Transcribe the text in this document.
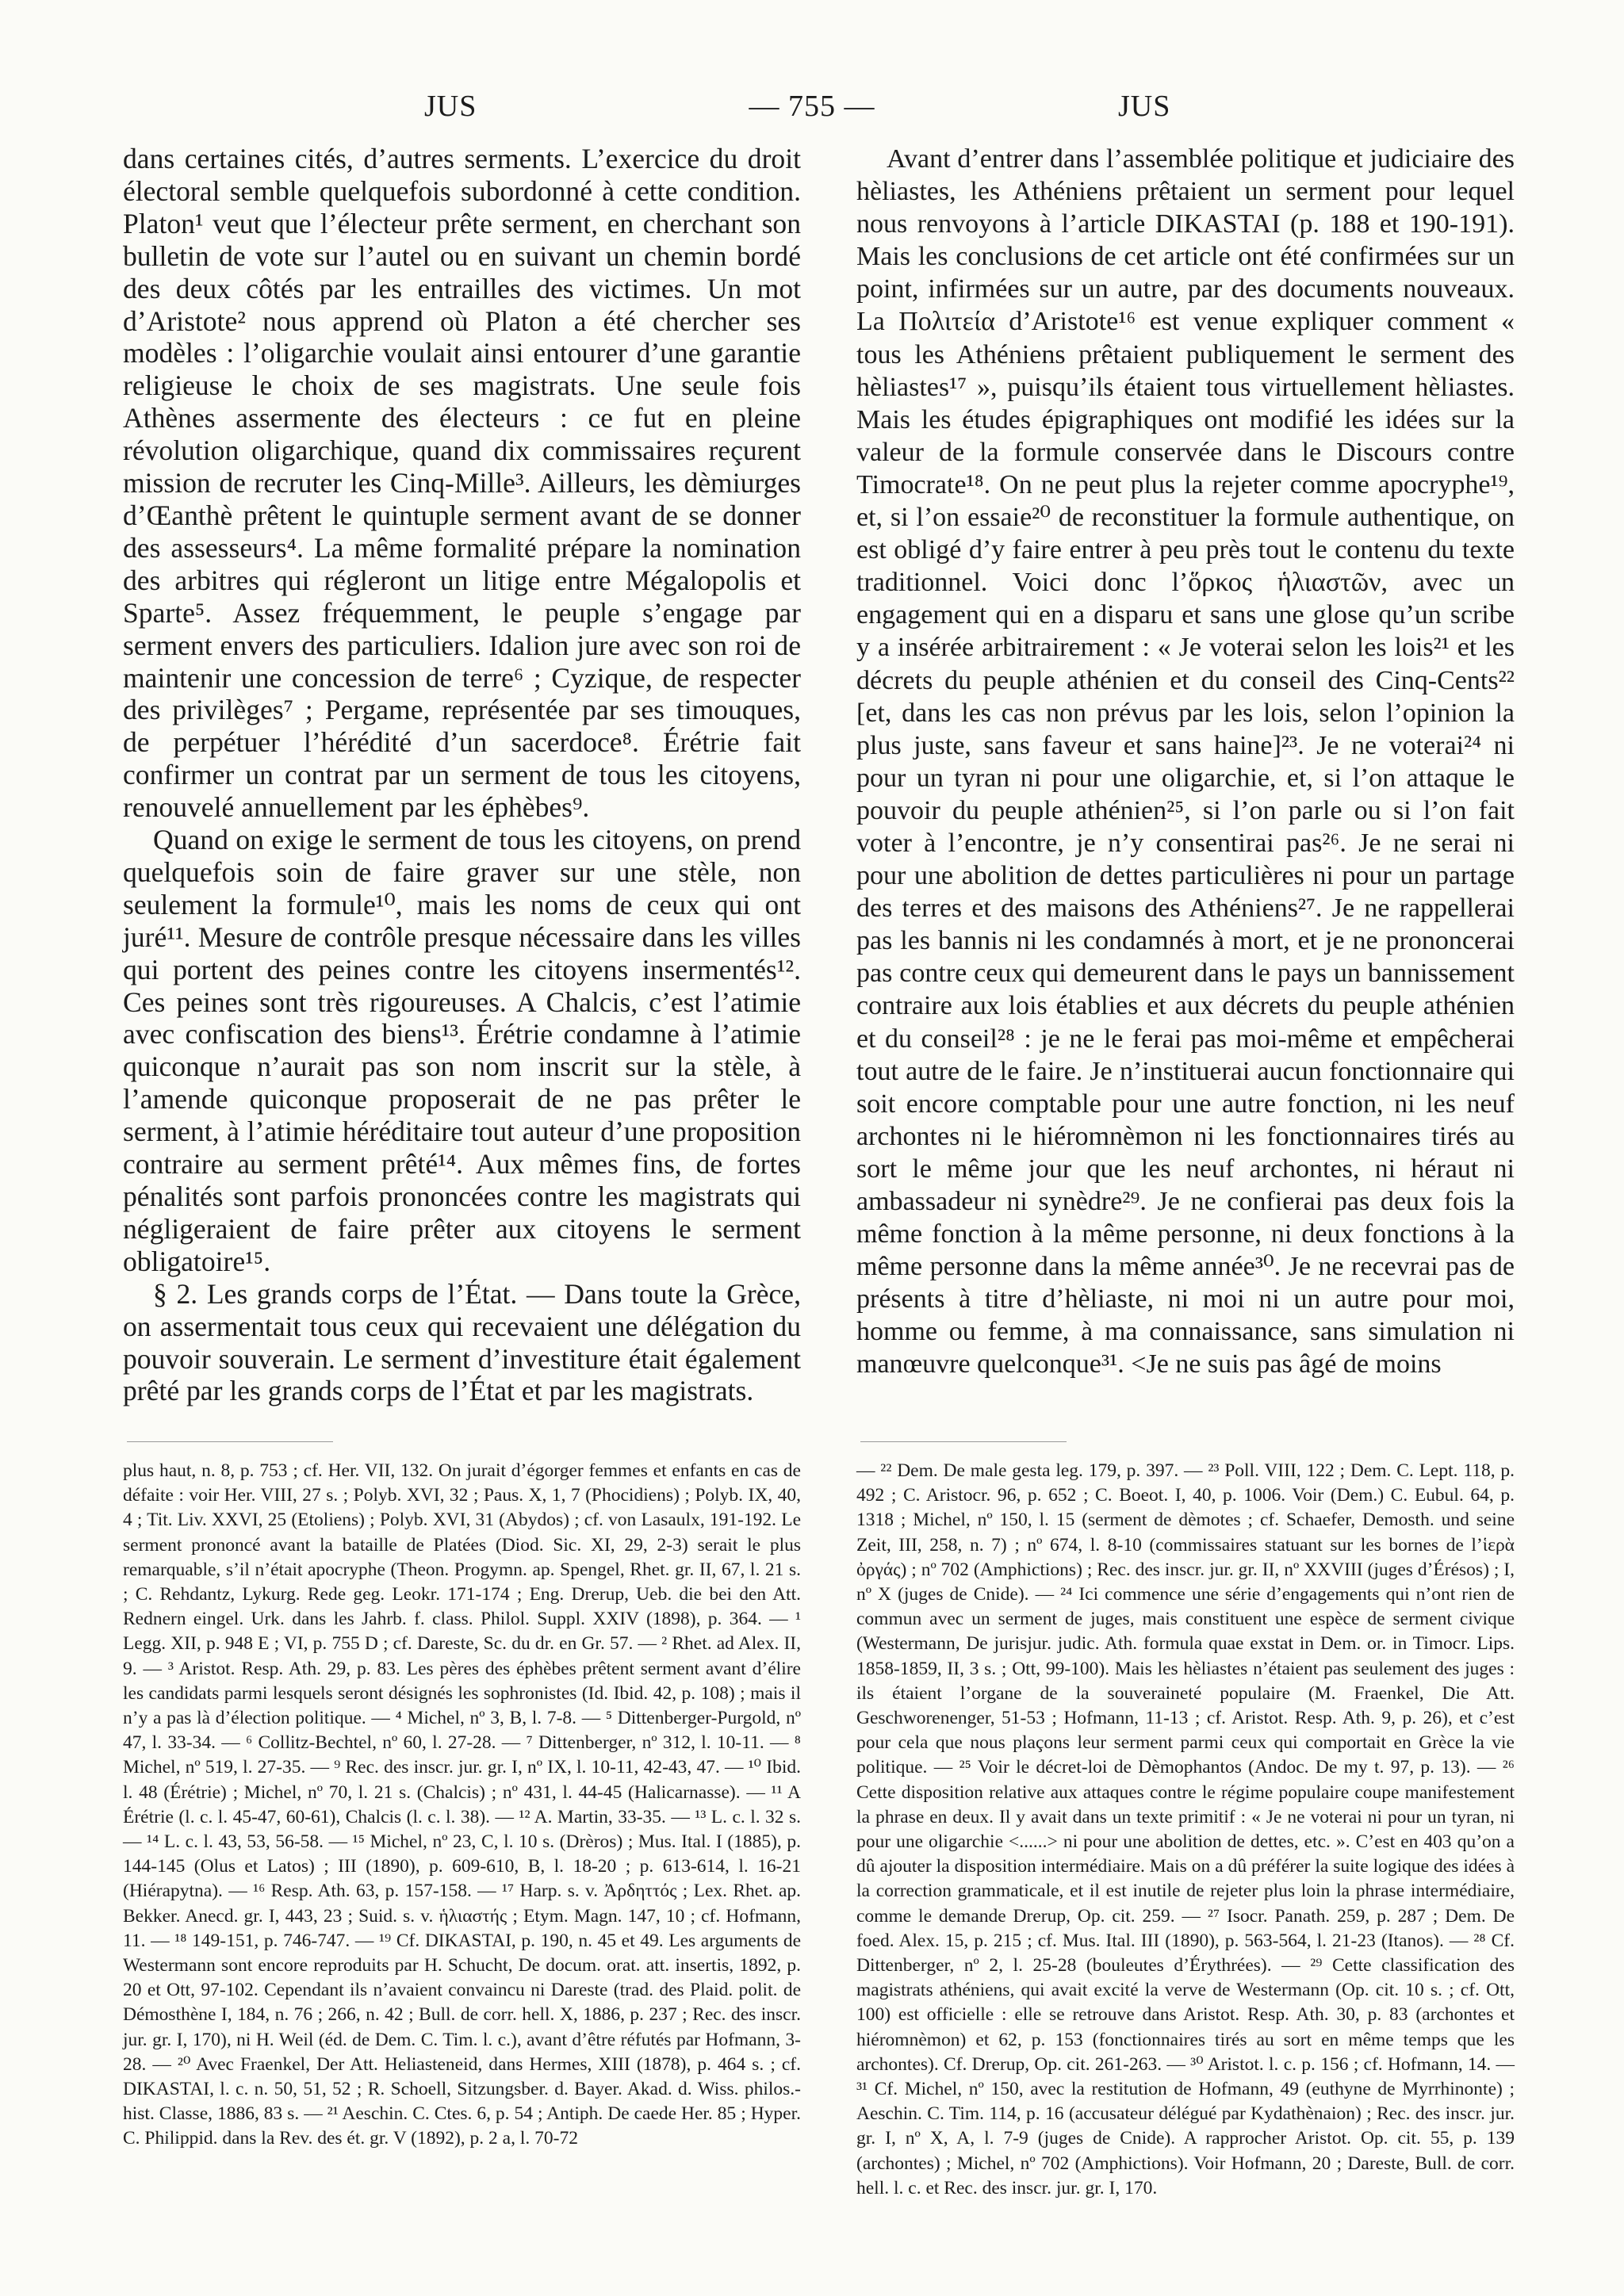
JUS	— 755 —	JUS

dans certaines cités, d’autres serments. L’exercice du droit électoral semble quelquefois subordonné à cette condition. Platon¹ veut que l’électeur prête serment, en cherchant son bulletin de vote sur l’autel ou en suivant un chemin bordé des deux côtés par les entrailles des victimes. Un mot d’Aristote² nous apprend où Platon a été chercher ses modèles : l’oligarchie voulait ainsi entourer d’une garantie religieuse le choix de ses magistrats. Une seule fois Athènes assermente des électeurs : ce fut en pleine révolution oligarchique, quand dix commissaires reçurent mission de recruter les Cinq-Mille³. Ailleurs, les dèmiurges d’Œanthè prêtent le quintuple serment avant de se donner des assesseurs⁴. La même formalité prépare la nomination des arbitres qui régleront un litige entre Mégalopolis et Sparte⁵. Assez fréquemment, le peuple s’engage par serment envers des particuliers. Idalion jure avec son roi de maintenir une concession de terre⁶ ; Cyzique, de respecter des privilèges⁷ ; Pergame, représentée par ses timouques, de perpétuer l’hérédité d’un sacerdoce⁸. Érétrie fait confirmer un contrat par un serment de tous les citoyens, renouvelé annuellement par les éphèbes⁹.

Quand on exige le serment de tous les citoyens, on prend quelquefois soin de faire graver sur une stèle, non seulement la formule¹⁰, mais les noms de ceux qui ont juré¹¹. Mesure de contrôle presque nécessaire dans les villes qui portent des peines contre les citoyens insermentés¹². Ces peines sont très rigoureuses. A Chalcis, c’est l’atimie avec confiscation des biens¹³. Érétrie condamne à l’atimie quiconque n’aurait pas son nom inscrit sur la stèle, à l’amende quiconque proposerait de ne pas prêter le serment, à l’atimie héréditaire tout auteur d’une proposition contraire au serment prêté¹⁴. Aux mêmes fins, de fortes pénalités sont parfois prononcées contre les magistrats qui négligeraient de faire prêter aux citoyens le serment obligatoire¹⁵.

§ 2. Les grands corps de l’État. — Dans toute la Grèce, on assermentait tous ceux qui recevaient une délégation du pouvoir souverain. Le serment d’investiture était également prêté par les grands corps de l’État et par les magistrats.

Avant d’entrer dans l’assemblée politique et judiciaire des hèliastes, les Athéniens prêtaient un serment pour lequel nous renvoyons à l’article DIKASTAI (p. 188 et 190-191). Mais les conclusions de cet article ont été confirmées sur un point, infirmées sur un autre, par des documents nouveaux. La Πολιτεία d’Aristote¹⁶ est venue expliquer comment « tous les Athéniens prêtaient publiquement le serment des hèliastes¹⁷ », puisqu’ils étaient tous virtuellement hèliastes. Mais les études épigraphiques ont modifié les idées sur la valeur de la formule conservée dans le Discours contre Timocrate¹⁸. On ne peut plus la rejeter comme apocryphe¹⁹, et, si l’on essaie²⁰ de reconstituer la formule authentique, on est obligé d’y faire entrer à peu près tout le contenu du texte traditionnel. Voici donc l’ὅρκος ἡλιαστῶν, avec un engagement qui en a disparu et sans une glose qu’un scribe y a insérée arbitrairement : « Je voterai selon les lois²¹ et les décrets du peuple athénien et du conseil des Cinq-Cents²² [et, dans les cas non prévus par les lois, selon l’opinion la plus juste, sans faveur et sans haine]²³. Je ne voterai²⁴ ni pour un tyran ni pour une oligarchie, et, si l’on attaque le pouvoir du peuple athénien²⁵, si l’on parle ou si l’on fait voter à l’encontre, je n’y consentirai pas²⁶. Je ne serai ni pour une abolition de dettes particulières ni pour un partage des terres et des maisons des Athéniens²⁷. Je ne rappellerai pas les bannis ni les condamnés à mort, et je ne prononcerai pas contre ceux qui demeurent dans le pays un bannissement contraire aux lois établies et aux décrets du peuple athénien et du conseil²⁸ : je ne le ferai pas moi-même et empêcherai tout autre de le faire. Je n’instituerai aucun fonctionnaire qui soit encore comptable pour une autre fonction, ni les neuf archontes ni le hiéromnèmon ni les fonctionnaires tirés au sort le même jour que les neuf archontes, ni héraut ni ambassadeur ni synèdre²⁹. Je ne confierai pas deux fois la même fonction à la même personne, ni deux fonctions à la même personne dans la même année³⁰. Je ne recevrai pas de présents à titre d’hèliaste, ni moi ni un autre pour moi, homme ou femme, à ma connaissance, sans simulation ni manœuvre quelconque³¹. <Je ne suis pas âgé de moins

plus haut, n. 8, p. 753 ; cf. Her. VII, 132. On jurait d’égorger femmes et enfants en cas de défaite : voir Her. VIII, 27 s. ; Polyb. XVI, 32 ; Paus. X, 1, 7 (Phocidiens) ; Polyb. IX, 40, 4 ; Tit. Liv. XXVI, 25 (Etoliens) ; Polyb. XVI, 31 (Abydos) ; cf. von Lasaulx, 191-192. Le serment prononcé avant la bataille de Platées (Diod. Sic. XI, 29, 2-3) serait le plus remarquable, s’il n’était apocryphe (Theon. Progymn. ap. Spengel, Rhet. gr. II, 67, l. 21 s. ; C. Rehdantz, Lykurg. Rede geg. Leokr. 171-174 ; Eng. Drerup, Ueb. die bei den Att. Rednern eingel. Urk. dans les Jahrb. f. class. Philol. Suppl. XXIV (1898), p. 364. — ¹ Legg. XII, p. 948 E ; VI, p. 755 D ; cf. Dareste, Sc. du dr. en Gr. 57. — ² Rhet. ad Alex. II, 9. — ³ Aristot. Resp. Ath. 29, p. 83. Les pères des éphèbes prêtent serment avant d’élire les candidats parmi lesquels seront désignés les sophronistes (Id. Ibid. 42, p. 108) ; mais il n’y a pas là d’élection politique. — ⁴ Michel, nº 3, B, l. 7-8. — ⁵ Dittenberger-Purgold, nº 47, l. 33-34. — ⁶ Collitz-Bechtel, nº 60, l. 27-28. — ⁷ Dittenberger, nº 312, l. 10-11. — ⁸ Michel, nº 519, l. 27-35. — ⁹ Rec. des inscr. jur. gr. I, nº IX, l. 10-11, 42-43, 47. — ¹⁰ Ibid. l. 48 (Érétrie) ; Michel, nº 70, l. 21 s. (Chalcis) ; nº 431, l. 44-45 (Halicarnasse). — ¹¹ A Érétrie (l. c. l. 45-47, 60-61), Chalcis (l. c. l. 38). — ¹² A. Martin, 33-35. — ¹³ L. c. l. 32 s. — ¹⁴ L. c. l. 43, 53, 56-58. — ¹⁵ Michel, nº 23, C, l. 10 s. (Drèros) ; Mus. Ital. I (1885), p. 144-145 (Olus et Latos) ; III (1890), p. 609-610, B, l. 18-20 ; p. 613-614, l. 16-21 (Hiérapytna). — ¹⁶ Resp. Ath. 63, p. 157-158. — ¹⁷ Harp. s. v. Ἀρδηττός ; Lex. Rhet. ap. Bekker. Anecd. gr. I, 443, 23 ; Suid. s. v. ἡλιαστής ; Etym. Magn. 147, 10 ; cf. Hofmann, 11. — ¹⁸ 149-151, p. 746-747. — ¹⁹ Cf. DIKASTAI, p. 190, n. 45 et 49. Les arguments de Westermann sont encore reproduits par H. Schucht, De docum. orat. att. insertis, 1892, p. 20 et Ott, 97-102. Cependant ils n’avaient convaincu ni Dareste (trad. des Plaid. polit. de Démosthène I, 184, n. 76 ; 266, n. 42 ; Bull. de corr. hell. X, 1886, p. 237 ; Rec. des inscr. jur. gr. I, 170), ni H. Weil (éd. de Dem. C. Tim. l. c.), avant d’être réfutés par Hofmann, 3-28. — ²⁰ Avec Fraenkel, Der Att. Heliasteneid, dans Hermes, XIII (1878), p. 464 s. ; cf. DIKASTAI, l. c. n. 50, 51, 52 ; R. Schoell, Sitzungsber. d. Bayer. Akad. d. Wiss. philos.-hist. Classe, 1886, 83 s. — ²¹ Aeschin. C. Ctes. 6, p. 54 ; Antiph. De caede Her. 85 ; Hyper. C. Philippid. dans la Rev. des ét. gr. V (1892), p. 2 a, l. 70-72

— ²² Dem. De male gesta leg. 179, p. 397. — ²³ Poll. VIII, 122 ; Dem. C. Lept. 118, p. 492 ; C. Aristocr. 96, p. 652 ; C. Boeot. I, 40, p. 1006. Voir (Dem.) C. Eubul. 64, p. 1318 ; Michel, nº 150, l. 15 (serment de dèmotes ; cf. Schaefer, Demosth. und seine Zeit, III, 258, n. 7) ; nº 674, l. 8-10 (commissaires statuant sur les bornes de l’ἱερὰ ὀργάς) ; nº 702 (Amphictions) ; Rec. des inscr. jur. gr. II, nº XXVIII (juges d’Érésos) ; I, nº X (juges de Cnide). — ²⁴ Ici commence une série d’engagements qui n’ont rien de commun avec un serment de juges, mais constituent une espèce de serment civique (Westermann, De jurisjur. judic. Ath. formula quae exstat in Dem. or. in Timocr. Lips. 1858-1859, II, 3 s. ; Ott, 99-100). Mais les hèliastes n’étaient pas seulement des juges : ils étaient l’organe de la souveraineté populaire (M. Fraenkel, Die Att. Geschworenenger, 51-53 ; Hofmann, 11-13 ; cf. Aristot. Resp. Ath. 9, p. 26), et c’est pour cela que nous plaçons leur serment parmi ceux qui comportait en Grèce la vie politique. — ²⁵ Voir le décret-loi de Dèmophantos (Andoc. De my t. 97, p. 13). — ²⁶ Cette disposition relative aux attaques contre le régime populaire coupe manifestement la phrase en deux. Il y avait dans un texte primitif : « Je ne voterai ni pour un tyran, ni pour une oligarchie <......> ni pour une abolition de dettes, etc. ». C’est en 403 qu’on a dû ajouter la disposition intermédiaire. Mais on a dû préférer la suite logique des idées à la correction grammaticale, et il est inutile de rejeter plus loin la phrase intermédiaire, comme le demande Drerup, Op. cit. 259. — ²⁷ Isocr. Panath. 259, p. 287 ; Dem. De foed. Alex. 15, p. 215 ; cf. Mus. Ital. III (1890), p. 563-564, l. 21-23 (Itanos). — ²⁸ Cf. Dittenberger, nº 2, l. 25-28 (bouleutes d’Érythrées). — ²⁹ Cette classification des magistrats athéniens, qui avait excité la verve de Westermann (Op. cit. 10 s. ; cf. Ott, 100) est officielle : elle se retrouve dans Aristot. Resp. Ath. 30, p. 83 (archontes et hiéromnèmon) et 62, p. 153 (fonctionnaires tirés au sort en même temps que les archontes). Cf. Drerup, Op. cit. 261-263. — ³⁰ Aristot. l. c. p. 156 ; cf. Hofmann, 14. — ³¹ Cf. Michel, nº 150, avec la restitution de Hofmann, 49 (euthyne de Myrrhinonte) ; Aeschin. C. Tim. 114, p. 16 (accusateur délégué par Kydathènaion) ; Rec. des inscr. jur. gr. I, nº X, A, l. 7-9 (juges de Cnide). A rapprocher Aristot. Op. cit. 55, p. 139 (archontes) ; Michel, nº 702 (Amphictions). Voir Hofmann, 20 ; Dareste, Bull. de corr. hell. l. c. et Rec. des inscr. jur. gr. I, 170.
